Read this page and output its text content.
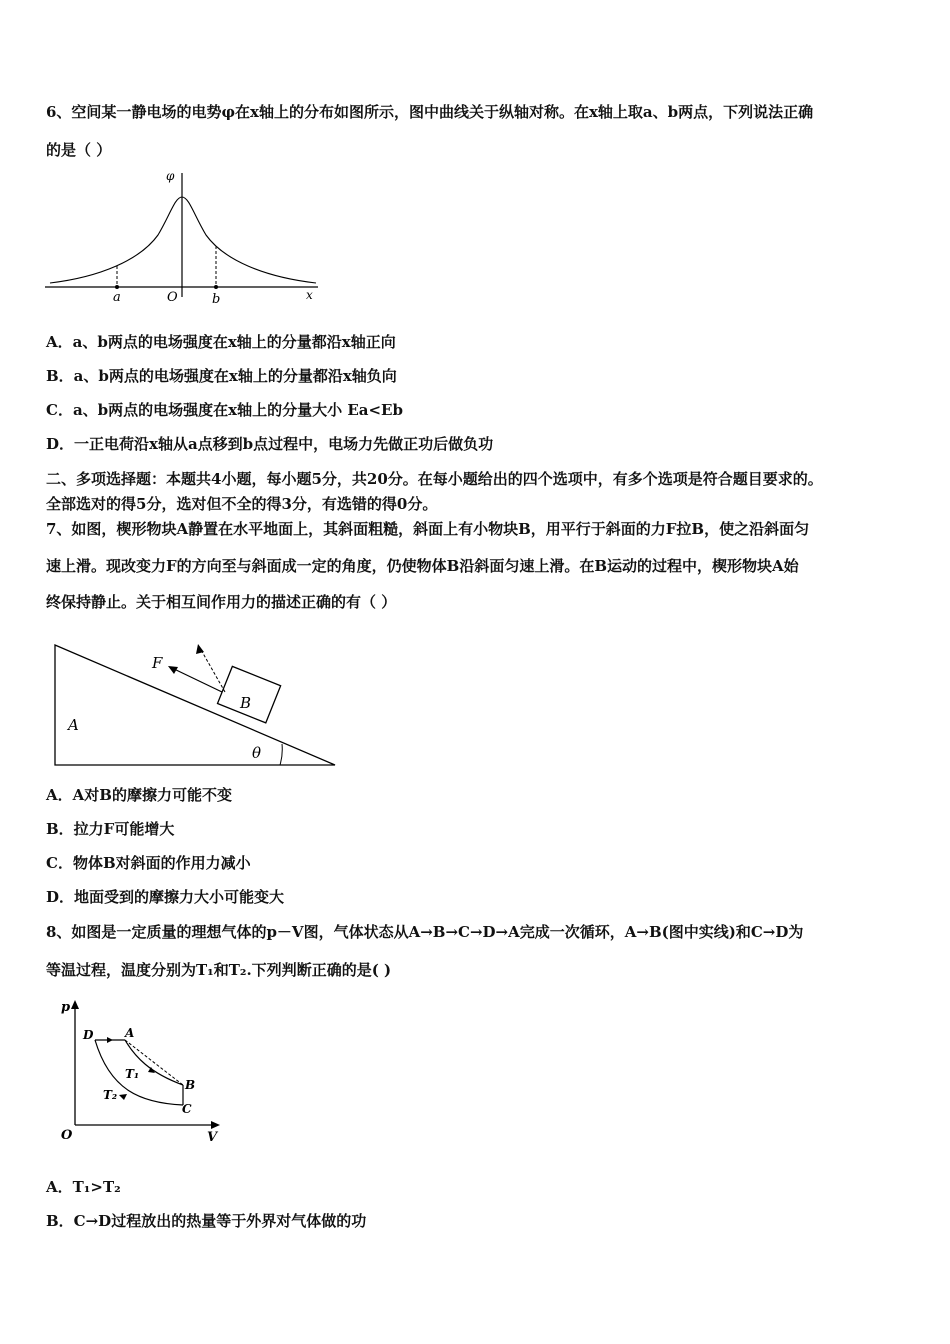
6、空间某一静电场的电势φ在x轴上的分布如图所示，图中曲线关于纵轴对称。在x轴上取a、b两点，下列说法正确
的是（ ）
φ
x
O
a	b
A．a、b两点的电场强度在x轴上的分量都沿x轴正向
B．a、b两点的电场强度在x轴上的分量都沿x轴负向
C．a、b两点的电场强度在x轴上的分量大小 Ea<Eb
D．一正电荷沿x轴从a点移到b点过程中，电场力先做正功后做负功
二、多项选择题：本题共4小题，每小题5分，共20分。在每小题给出的四个选项中，有多个选项是符合题目要求的。
全部选对的得5分，选对但不全的得3分，有选错的得0分。
7、如图，楔形物块A静置在水平地面上，其斜面粗糙，斜面上有小物块B，用平行于斜面的力F拉B，使之沿斜面匀
速上滑。现改变力F的方向至与斜面成一定的角度，仍使物体B沿斜面匀速上滑。在B运动的过程中，楔形物块A始
终保持静止。关于相互间作用力的描述正确的有（ ）
A
B
F
θ
A．A对B的摩擦力可能不变
B．拉力F可能增大
C．物体B对斜面的作用力减小
D．地面受到的摩擦力大小可能变大
8、如图是一定质量的理想气体的p－V图，气体状态从A→B→C→D→A完成一次循环，A→B(图中实线)和C→D为
等温过程，温度分别为T₁和T₂.下列判断正确的是( )
p
V
O
D	A
B
C
T₁
T₂
A．T₁>T₂
B．C→D过程放出的热量等于外界对气体做的功
